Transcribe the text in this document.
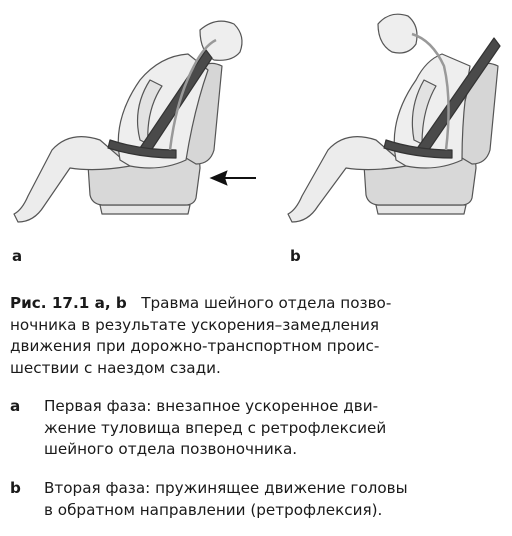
a	b
Рис. 17.1 a, b Травма шейного отдела позво-
ночника в результате ускорения–замедления
движения при дорожно-транспортном проис-
шествии с наездом сзади.
a Первая фаза: внезапное ускоренное дви-
жение туловища вперед с ретрофлексией
шейного отдела позвоночника.
b Вторая фаза: пружинящее движение головы
в обратном направлении (ретрофлексия).
